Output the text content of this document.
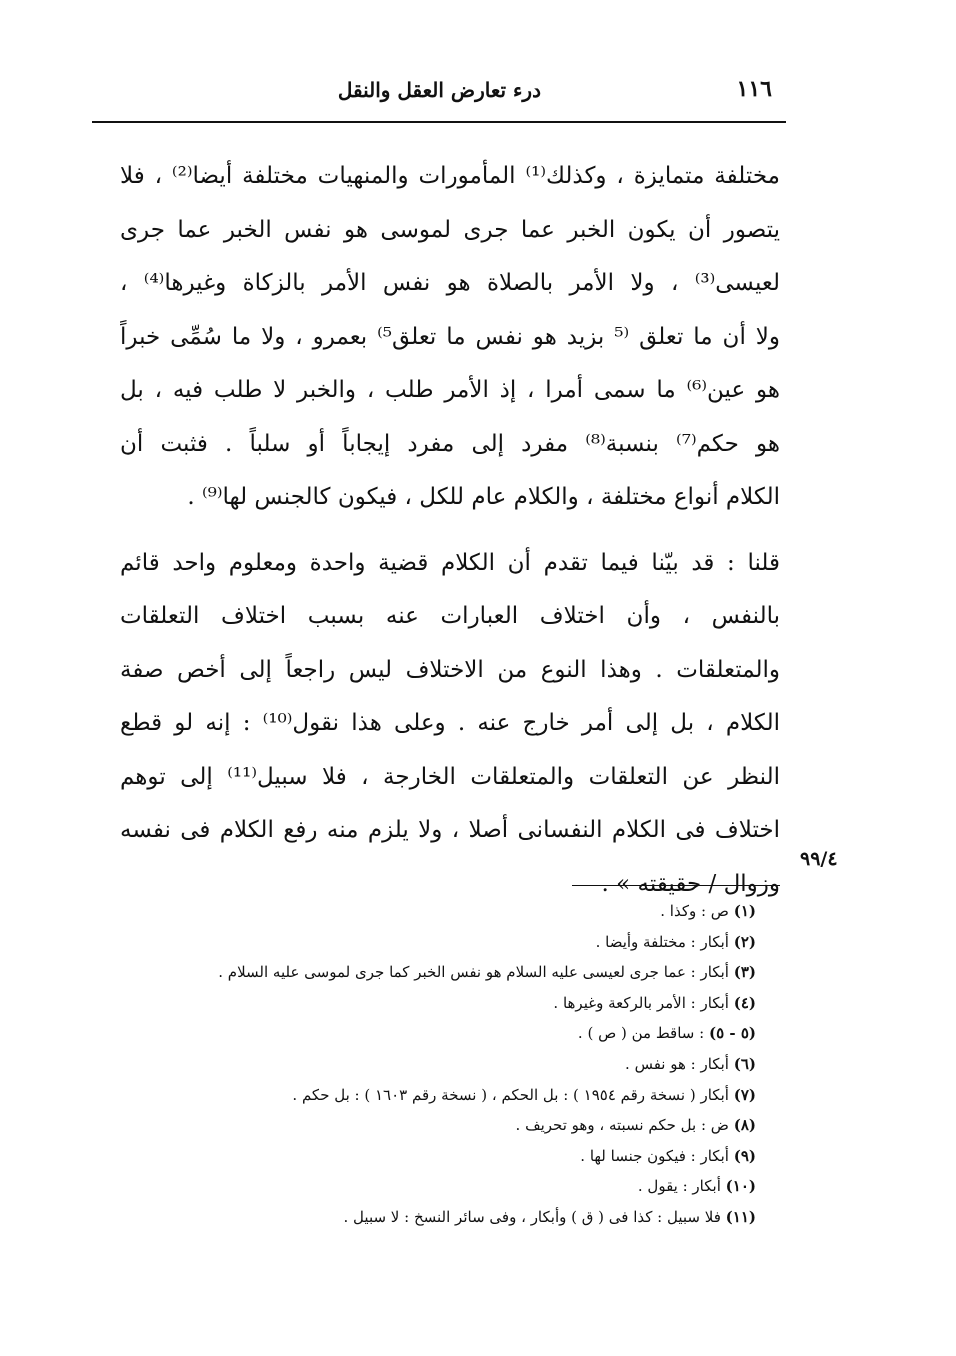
١١٦
درء تعارض العقل والنقل
مختلفة متمايزة ، وكذلك⁽¹⁾ المأمورات والمنهيات مختلفة أيضا⁽²⁾ ، فلا
يتصور أن يكون الخبر عما جرى لموسى هو نفس الخبر عما جرى
لعيسى⁽³⁾ ، ولا الأمر بالصلاة هو نفس الأمر بالزكاة وغيرها⁽⁴⁾ ،
ولا أن ما تعلق ⁽⁵ بزيد هو نفس ما تعلق⁵⁾ بعمرو ، ولا ما سُمِّى خبراً
هو عين⁽⁶⁾ ما سمى أمرا ، إذ الأمر طلب ، والخبر لا طلب فيه ، بل
هو حكم⁽⁷⁾ بنسبة⁽⁸⁾ مفرد إلى مفرد إيجاباً أو سلباً . فثبت أن
الكلام أنواع مختلفة ، والكلام عام للكل ، فيكون كالجنس لها⁽⁹⁾ .
قلنا : قد بيّنا فيما تقدم أن الكلام قضية واحدة ومعلوم واحد قائم
بالنفس ، وأن اختلاف العبارات عنه بسبب اختلاف التعلقات
والمتعلقات . وهذا النوع من الاختلاف ليس راجعاً إلى أخص صفة
الكلام ، بل إلى أمر خارج عنه . وعلى هذا نقول⁽¹⁰⁾ : إنه لو قطع
النظر عن التعلقات والمتعلقات الخارجة ، فلا سبيل⁽¹¹⁾ إلى توهم
اختلاف فى الكلام النفسانى أصلا ، ولا يلزم منه رفع الكلام فى نفسه
وزوال / حقيقته » .
٩٩/٤
(١) ص : وكذا .
(٢) أبكار : مختلفة وأيضا .
(٣) أبكار : عما جرى لعيسى عليه السلام هو نفس الخبر كما جرى لموسى عليه السلام .
(٤) أبكار : الأمر بالركعة وغيرها .
(٥ - ٥) : ساقط من ( ص ) .
(٦) أبكار : هو نفس .
(٧) أبكار ( نسخة رقم ١٩٥٤ ) : بل الحكم ، ( نسخة رقم ١٦٠٣ ) : بل حكم .
(٨) ض : بل حكم نسبته ، وهو تحريف .
(٩) أبكار : فيكون جنسا لها .
(١٠) أبكار : يقول .
(١١) فلا سبيل : كذا فى ( ق ) وأبكار ، وفى سائر النسخ : لا سبيل .
